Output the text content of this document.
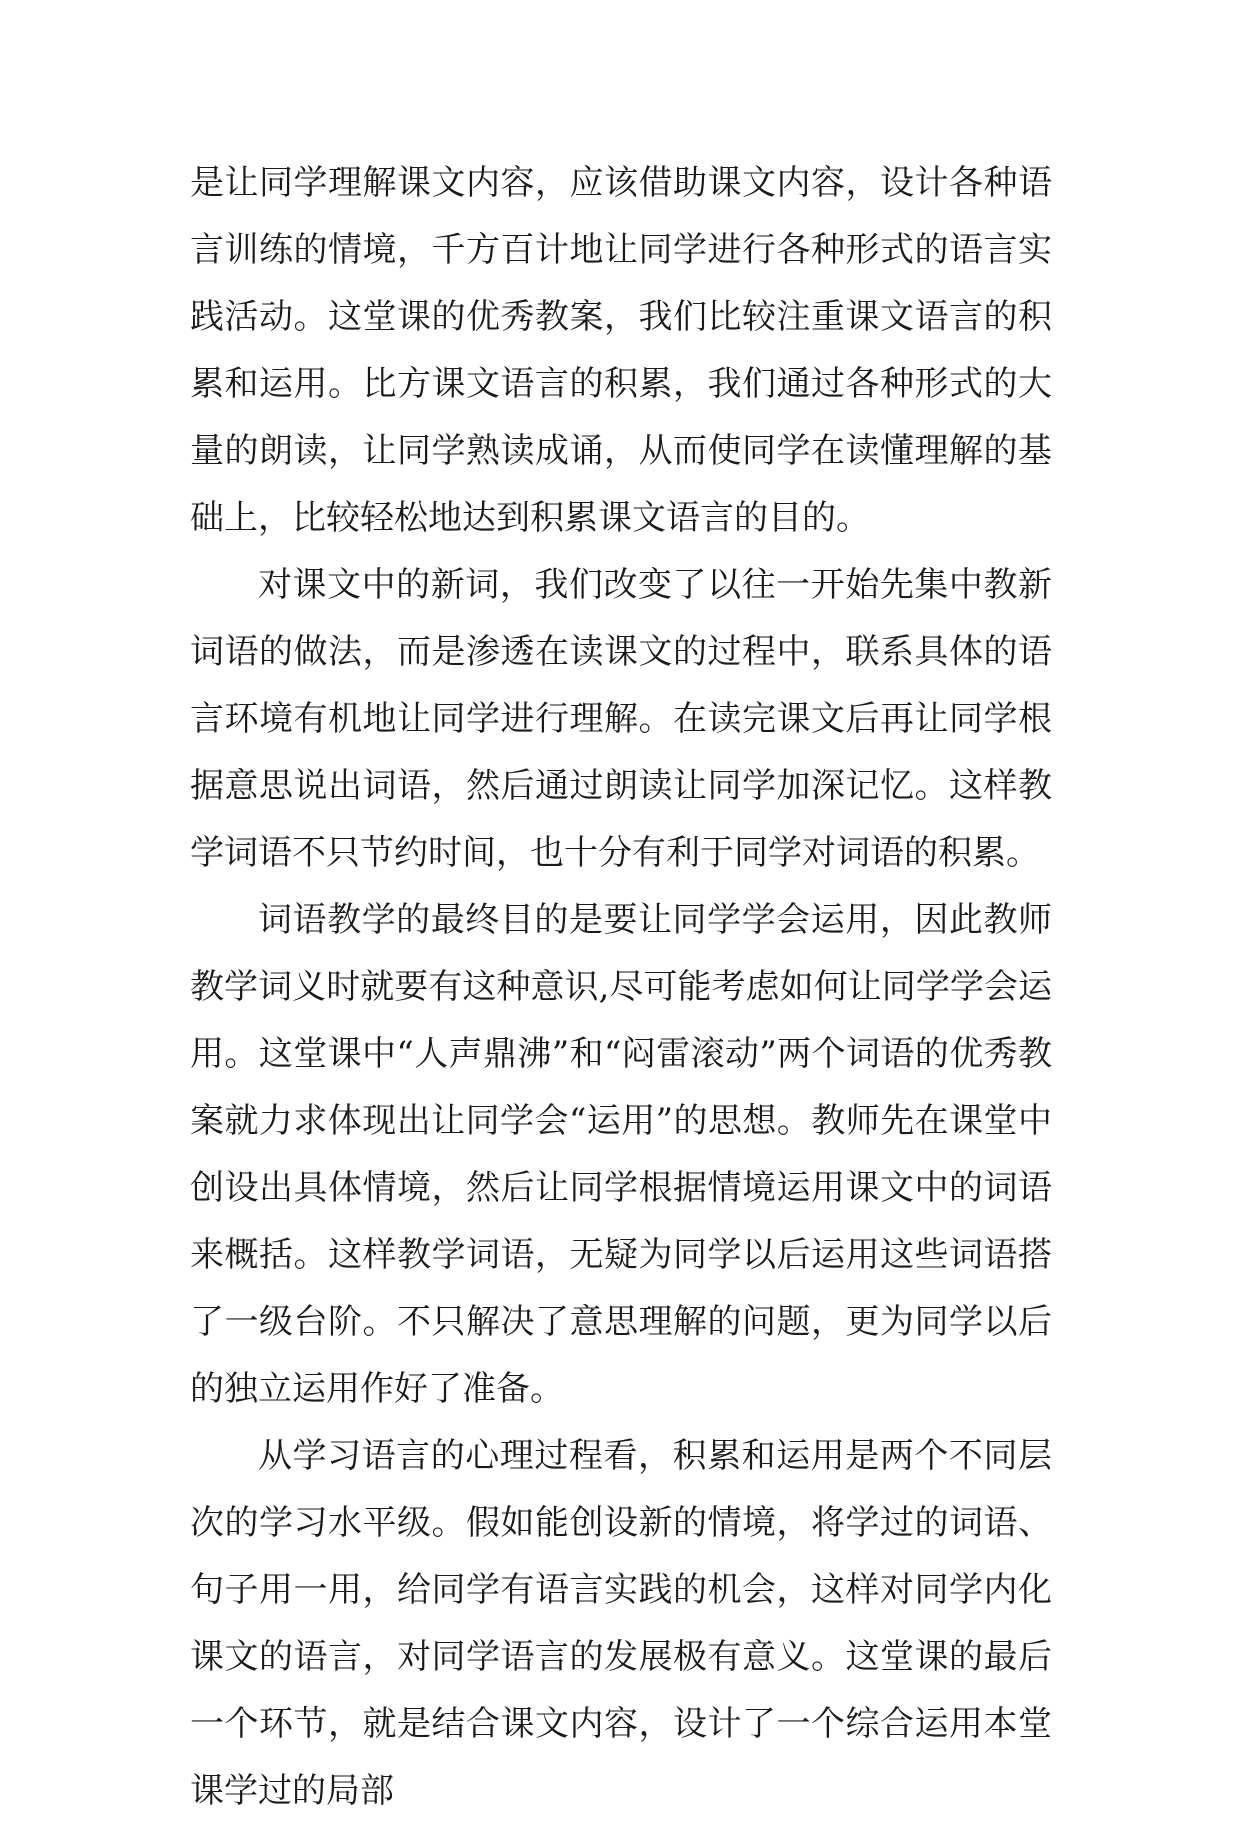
是让同学理解课文内容，应该借助课文内容，设计各种语言训练的情境，千方百计地让同学进行各种形式的语言实践活动。这堂课的优秀教案，我们比较注重课文语言的积累和运用。比方课文语言的积累，我们通过各种形式的大量的朗读，让同学熟读成诵，从而使同学在读懂理解的基础上，比较轻松地达到积累课文语言的目的。

对课文中的新词，我们改变了以往一开始先集中教新词语的做法，而是渗透在读课文的过程中，联系具体的语言环境有机地让同学进行理解。在读完课文后再让同学根据意思说出词语，然后通过朗读让同学加深记忆。这样教学词语不只节约时间，也十分有利于同学对词语的积累。

词语教学的最终目的是要让同学学会运用，因此教师教学词义时就要有这种意识,尽可能考虑如何让同学学会运用。这堂课中“人声鼎沸”和“闷雷滚动”两个词语的优秀教案就力求体现出让同学会“运用”的思想。教师先在课堂中创设出具体情境，然后让同学根据情境运用课文中的词语来概括。这样教学词语，无疑为同学以后运用这些词语搭了一级台阶。不只解决了意思理解的问题，更为同学以后的独立运用作好了准备。

从学习语言的心理过程看，积累和运用是两个不同层次的学习水平级。假如能创设新的情境，将学过的词语、句子用一用，给同学有语言实践的机会，这样对同学内化课文的语言，对同学语言的发展极有意义。这堂课的最后一个环节，就是结合课文内容，设计了一个综合运用本堂课学过的局部
